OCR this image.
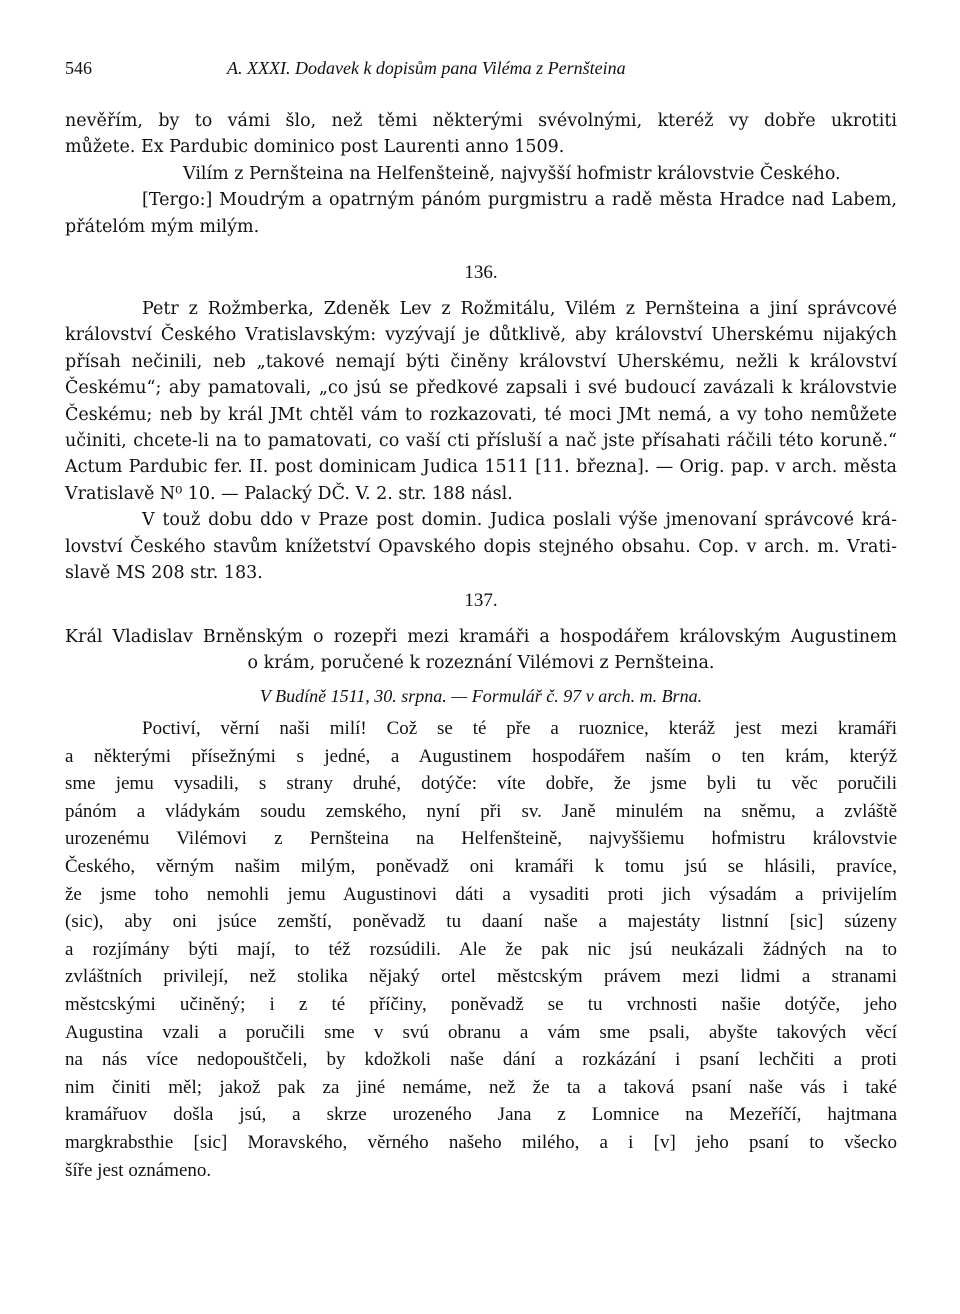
546	A. XXXI. Dodavek k dopisům pana Viléma z Pernšteina
nevěřím, by to vámi šlo, než těmi některými svévolnými, kteréž vy dobře ukrotiti
můžete. Ex Pardubic dominico post Laurenti anno 1509.
Vilím z Pernšteina na Helfenšteině, najvyšší hofmistr královstvie Českého.
[Tergo:] Moudrým a opatrným pánóm purgmistru a radě města Hradce nad Labem,
přátelóm mým milým.
136.
Petr z Rožmberka, Zdeněk Lev z Rožmitálu, Vilém z Pernšteina a jiní správcové
království Českého Vratislavským: vyzývají je důtklivě, aby království Uherskému nijakých
přísah nečinili, neb „takové nemají býti činěny království Uherskému, nežli k království
Českému“; aby pamatovali, „co jsú se předkové zapsali i své budoucí zavázali k královstvie
Českému; neb by král JMt chtěl vám to rozkazovati, té moci JMt nemá, a vy toho nemůžete
učiniti, chcete-li na to pamatovati, co vaší cti přísluší a nač jste přísahati ráčili této koruně.“
Actum Pardubic fer. II. post dominicam Judica 1511 [11. března]. — Orig. pap. v arch. města
Vratislavě N⁰ 10. — Palacký DČ. V. 2. str. 188 násl.
V touž dobu ddo v Praze post domin. Judica poslali výše jmenovaní správcové krá-
lovství Českého stavům knížetství Opavského dopis stejného obsahu. Cop. v arch. m. Vrati-
slavě MS 208 str. 183.
137.
Král Vladislav Brněnským o rozepři mezi kramáři a hospodářem královským Augustinem
o krám, poručené k rozeznání Vilémovi z Pernšteina.
V Budíně 1511, 30. srpna. — Formulář č. 97 v arch. m. Brna.
Poctiví, věrní naši milí! Což se té pře a ruoznice, kteráž jest mezi kramáři
a některými přísežnými s jedné, a Augustinem hospodářem naším o ten krám, kterýž
sme jemu vysadili, s strany druhé, dotýče: víte dobře, že jsme byli tu věc poručili
pánóm a vládykám soudu zemského, nyní při sv. Janě minulém na sněmu, a zvláště
urozenému Vilémovi z Pernšteina na Helfenšteině, najvyššiemu hofmistru královstvie
Českého, věrným našim milým, poněvadž oni kramáři k tomu jsú se hlásili, pravíce,
že jsme toho nemohli jemu Augustinovi dáti a vysaditi proti jich výsadám a privijelím
(sic), aby oni jsúce zemští, poněvadž tu daaní naše a majestáty listnní [sic] súzeny
a rozjímány býti mají, to též rozsúdili. Ale že pak nic jsú neukázali žádných na to
zvláštních privilejí, než stolika nějaký ortel městcským právem mezi lidmi a stranami
městcskými učiněný; i z té příčiny, poněvadž se tu vrchnosti našie dotýče, jeho
Augustina vzali a poručili sme v svú obranu a vám sme psali, abyšte takových věcí
na nás více nedopouštčeli, by kdožkoli naše dání a rozkázání i psaní lechčiti a proti
nim činiti měl; jakož pak za jiné nemáme, než že ta a taková psaní naše vás i také
kramářuov došla jsú, a skrze urozeného Jana z Lomnice na Mezeříčí, hajtmana
margkrabsthie [sic] Moravského, věrného našeho milého, a i [v] jeho psaní to všecko
šíře jest oznámeno.
